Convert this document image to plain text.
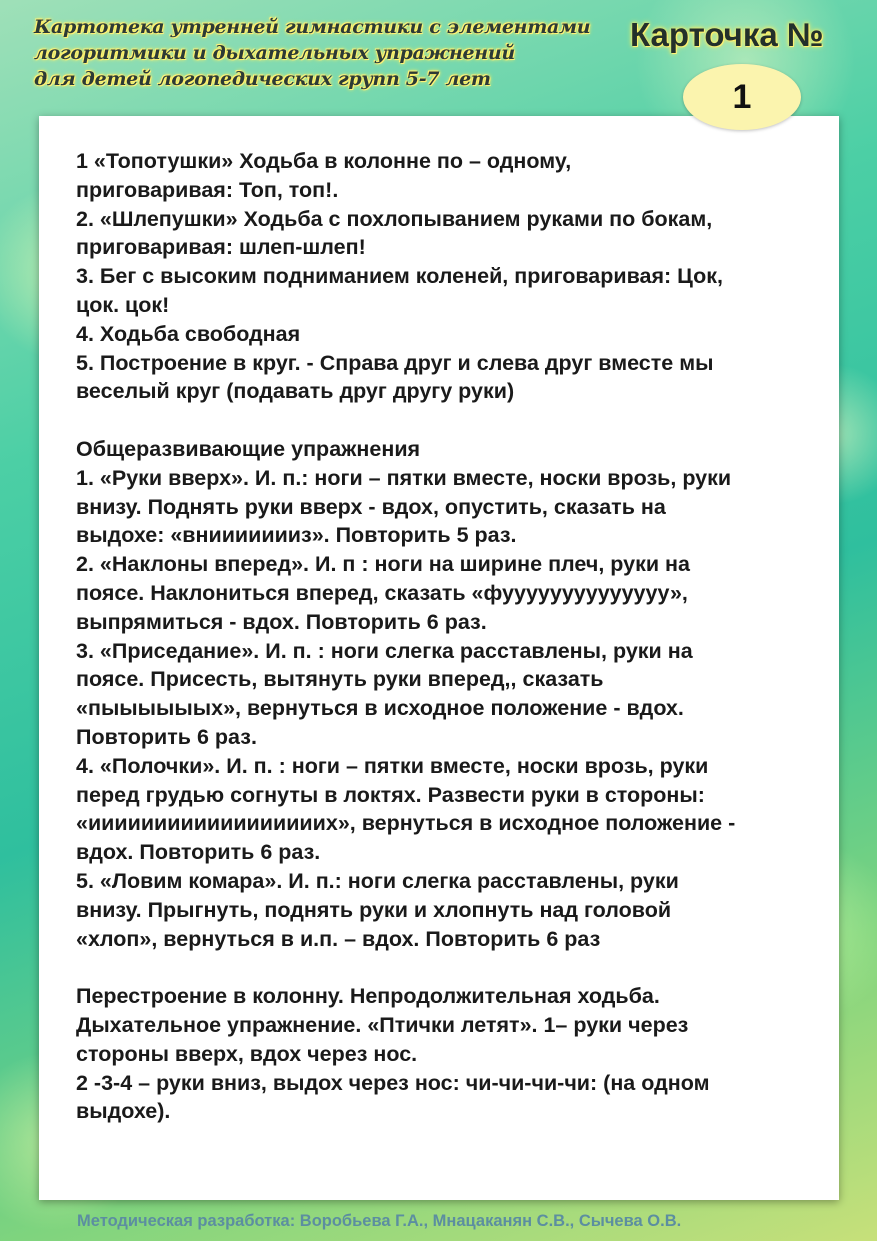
Картотека утренней гимнастики с элементами
логоритмики и дыхательных упражнений
для детей логопедических групп 5-7 лет
Карточка №
1

1 «Топотушки» Ходьба в колонне по – одному,

приговаривая: Топ, топ!.

2. «Шлепушки» Ходьба с похлопыванием руками по бокам,

приговаривая: шлеп-шлеп!

3. Бег с высоким подниманием коленей, приговаривая: Цок,

цок. цок!

4. Ходьба свободная

5. Построение в круг. - Справа друг и слева друг вместе мы

веселый круг (подавать друг другу руки)

Общеразвивающие упражнения

1. «Руки вверх». И. п.: ноги – пятки вместе, носки врозь, руки

внизу. Поднять руки вверх - вдох, опустить, сказать на

выдохе: «вниииииииз». Повторить 5 раз.

2. «Наклоны вперед». И. п : ноги на ширине плеч, руки на

поясе. Наклониться вперед, сказать «фуууууууууууууу»,

выпрямиться - вдох. Повторить 6 раз.

3. «Приседание». И. п. : ноги слегка расставлены, руки на

поясе. Присесть, вытянуть руки вперед,, сказать

«пыыыыыых», вернуться в исходное положение - вдох.

Повторить 6 раз.

4. «Полочки». И. п. : ноги – пятки вместе, носки врозь, руки

перед грудью согнуты в локтях. Развести руки в стороны:

«иииииииииииииииииих», вернуться в исходное положение -

вдох. Повторить 6 раз.

5. «Ловим комара». И. п.: ноги слегка расставлены, руки

внизу. Прыгнуть, поднять руки и хлопнуть над головой

«хлоп», вернуться в и.п. – вдох. Повторить 6 раз

Перестроение в колонну. Непродолжительная ходьба.

Дыхательное упражнение. «Птички летят». 1– руки через

стороны вверх, вдох через нос.

2 -3-4 – руки вниз, выдох через нос: чи-чи-чи-чи: (на одном

выдохе).

Методическая разработка: Воробьева Г.А., Мнацаканян С.В., Сычева О.В.
